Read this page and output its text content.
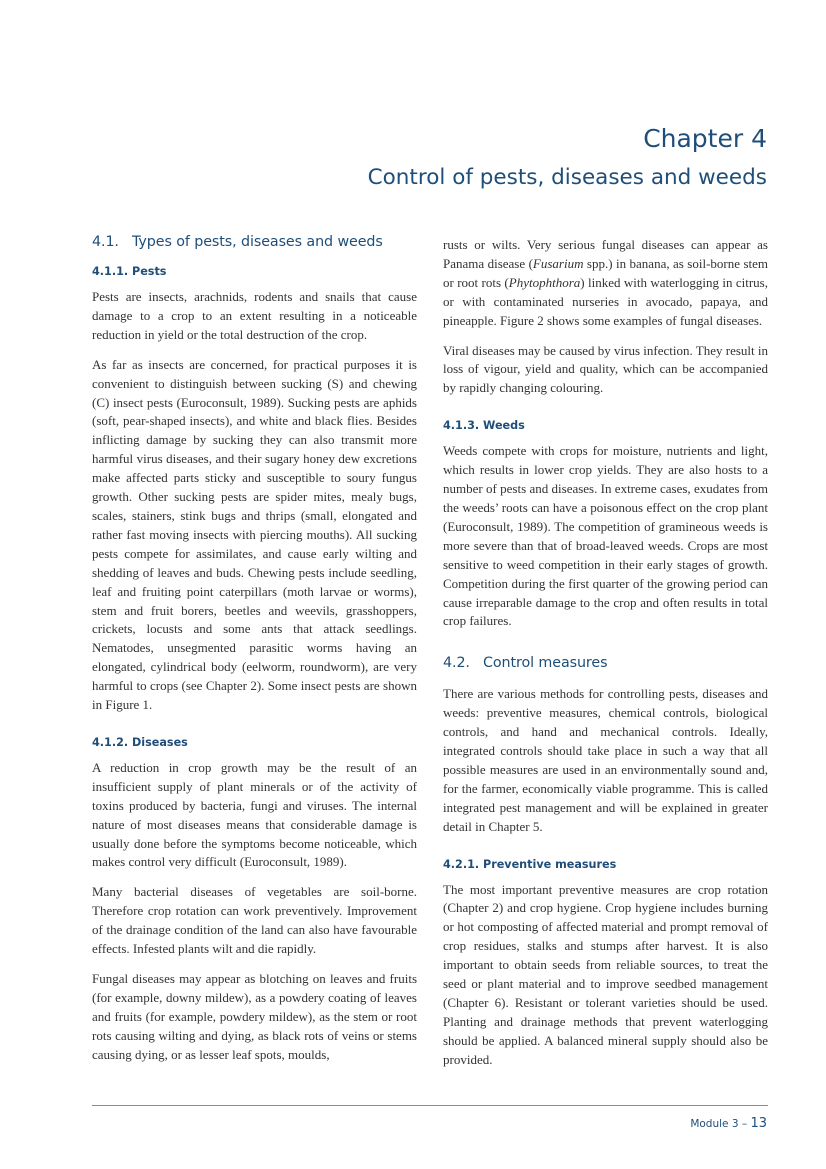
Chapter 4
Control of pests, diseases and weeds
4.1. Types of pests, diseases and weeds
4.1.1. Pests

Pests are insects, arachnids, rodents and snails that cause damage to a crop to an extent resulting in a noticeable reduction in yield or the total destruction of the crop.

As far as insects are concerned, for practical purposes it is convenient to distinguish between sucking (S) and chewing (C) insect pests (Euroconsult, 1989). Sucking pests are aphids (soft, pear-shaped insects), and white and black flies. Besides inflicting damage by sucking they can also transmit more harmful virus diseases, and their sugary honey dew excretions make affected parts sticky and susceptible to soury fungus growth. Other sucking pests are spider mites, mealy bugs, scales, stainers, stink bugs and thrips (small, elongated and rather fast moving insects with piercing mouths). All sucking pests compete for assimilates, and cause early wilting and shedding of leaves and buds. Chewing pests include seedling, leaf and fruiting point caterpillars (moth larvae or worms), stem and fruit borers, beetles and weevils, grasshoppers, crickets, locusts and some ants that attack seedlings. Nematodes, unsegmented parasitic worms having an elongated, cylindrical body (eelworm, roundworm), are very harmful to crops (see Chapter 2). Some insect pests are shown in Figure 1.

4.1.2. Diseases

A reduction in crop growth may be the result of an insufficient supply of plant minerals or of the activity of toxins produced by bacteria, fungi and viruses. The internal nature of most diseases means that considerable damage is usually done before the symptoms become noticeable, which makes control very difficult (Euroconsult, 1989).

Many bacterial diseases of vegetables are soil-borne. Therefore crop rotation can work preventively. Improvement of the drainage condition of the land can also have favourable effects. Infested plants wilt and die rapidly.

Fungal diseases may appear as blotching on leaves and fruits (for example, downy mildew), as a powdery coating of leaves and fruits (for example, powdery mildew), as the stem or root rots causing wilting and dying, as black rots of veins or stems causing dying, or as lesser leaf spots, moulds,

rusts or wilts. Very serious fungal diseases can appear as Panama disease (Fusarium spp.) in banana, as soil-borne stem or root rots (Phytophthora) linked with waterlogging in citrus, or with contaminated nurseries in avocado, papaya, and pineapple. Figure 2 shows some examples of fungal diseases.

Viral diseases may be caused by virus infection. They result in loss of vigour, yield and quality, which can be accompanied by rapidly changing colouring.

4.1.3. Weeds

Weeds compete with crops for moisture, nutrients and light, which results in lower crop yields. They are also hosts to a number of pests and diseases. In extreme cases, exudates from the weeds’ roots can have a poisonous effect on the crop plant (Euroconsult, 1989). The competition of gramineous weeds is more severe than that of broad-leaved weeds. Crops are most sensitive to weed competition in their early stages of growth. Competition during the first quarter of the growing period can cause irreparable damage to the crop and often results in total crop failures.

4.2. Control measures

There are various methods for controlling pests, diseases and weeds: preventive measures, chemical controls, biological controls, and hand and mechanical controls. Ideally, integrated controls should take place in such a way that all possible measures are used in an environmentally sound and, for the farmer, economically viable programme. This is called integrated pest management and will be explained in greater detail in Chapter 5.

4.2.1. Preventive measures

The most important preventive measures are crop rotation (Chapter 2) and crop hygiene. Crop hygiene includes burning or hot composting of affected material and prompt removal of crop residues, stalks and stumps after harvest. It is also important to obtain seeds from reliable sources, to treat the seed or plant material and to improve seedbed management (Chapter 6). Resistant or tolerant varieties should be used. Planting and drainage methods that prevent waterlogging should be applied. A balanced mineral supply should also be provided.

Module 3 – 13
